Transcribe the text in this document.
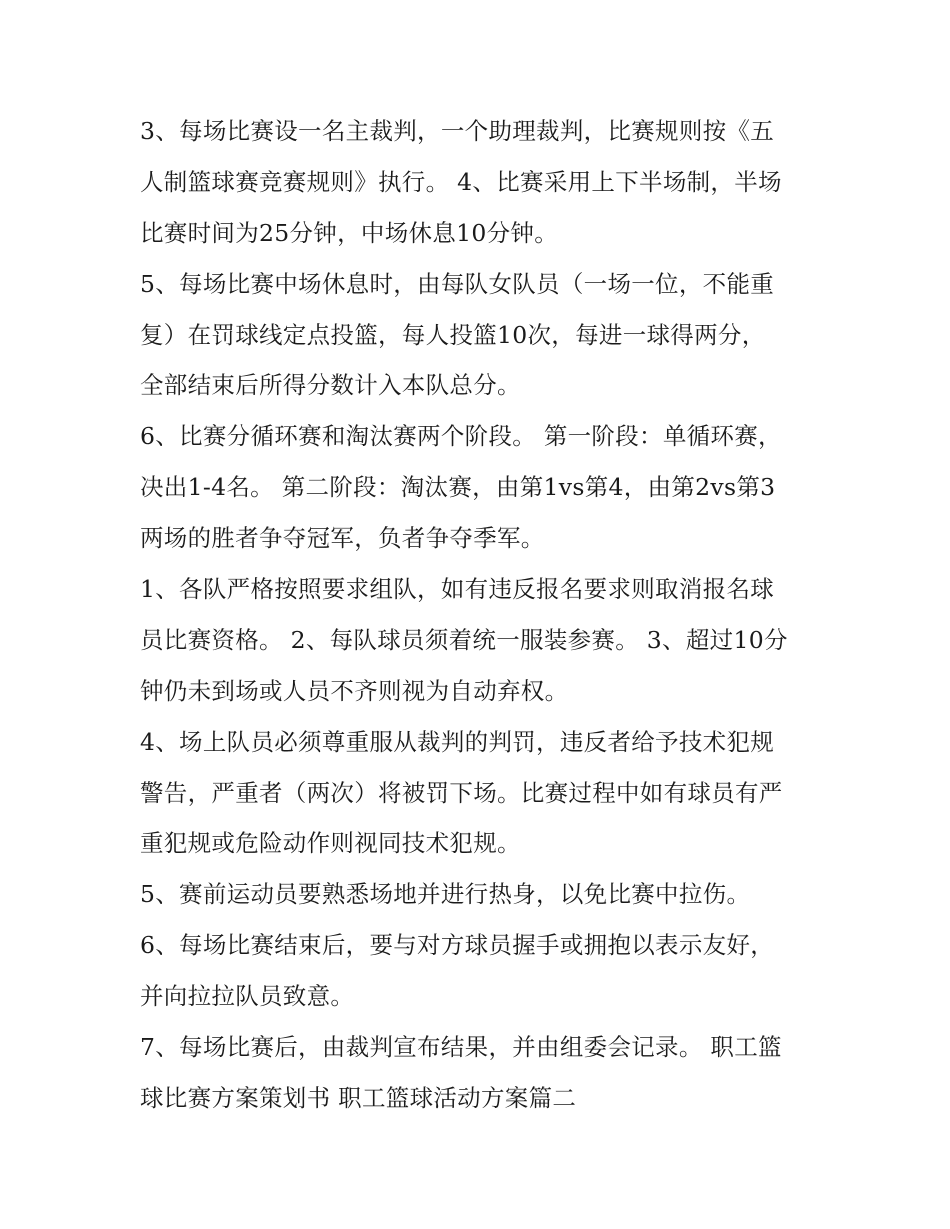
3、每场比赛设一名主裁判，一个助理裁判，比赛规则按《五
人制篮球赛竞赛规则》执行。 4、比赛采用上下半场制，半场
比赛时间为25分钟，中场休息10分钟。
5、每场比赛中场休息时，由每队女队员（一场一位，不能重
复）在罚球线定点投篮，每人投篮10次，每进一球得两分，
全部结束后所得分数计入本队总分。
6、比赛分循环赛和淘汰赛两个阶段。 第一阶段：单循环赛，
决出1-4名。 第二阶段：淘汰赛，由第1vs第4，由第2vs第3
两场的胜者争夺冠军，负者争夺季军。
1、各队严格按照要求组队，如有违反报名要求则取消报名球
员比赛资格。 2、每队球员须着统一服装参赛。 3、超过10分
钟仍未到场或人员不齐则视为自动弃权。
4、场上队员必须尊重服从裁判的判罚，违反者给予技术犯规
警告，严重者（两次）将被罚下场。比赛过程中如有球员有严
重犯规或危险动作则视同技术犯规。
5、赛前运动员要熟悉场地并进行热身，以免比赛中拉伤。
6、每场比赛结束后，要与对方球员握手或拥抱以表示友好，
并向拉拉队员致意。
7、每场比赛后，由裁判宣布结果，并由组委会记录。 职工篮
球比赛方案策划书 职工篮球活动方案篇二
